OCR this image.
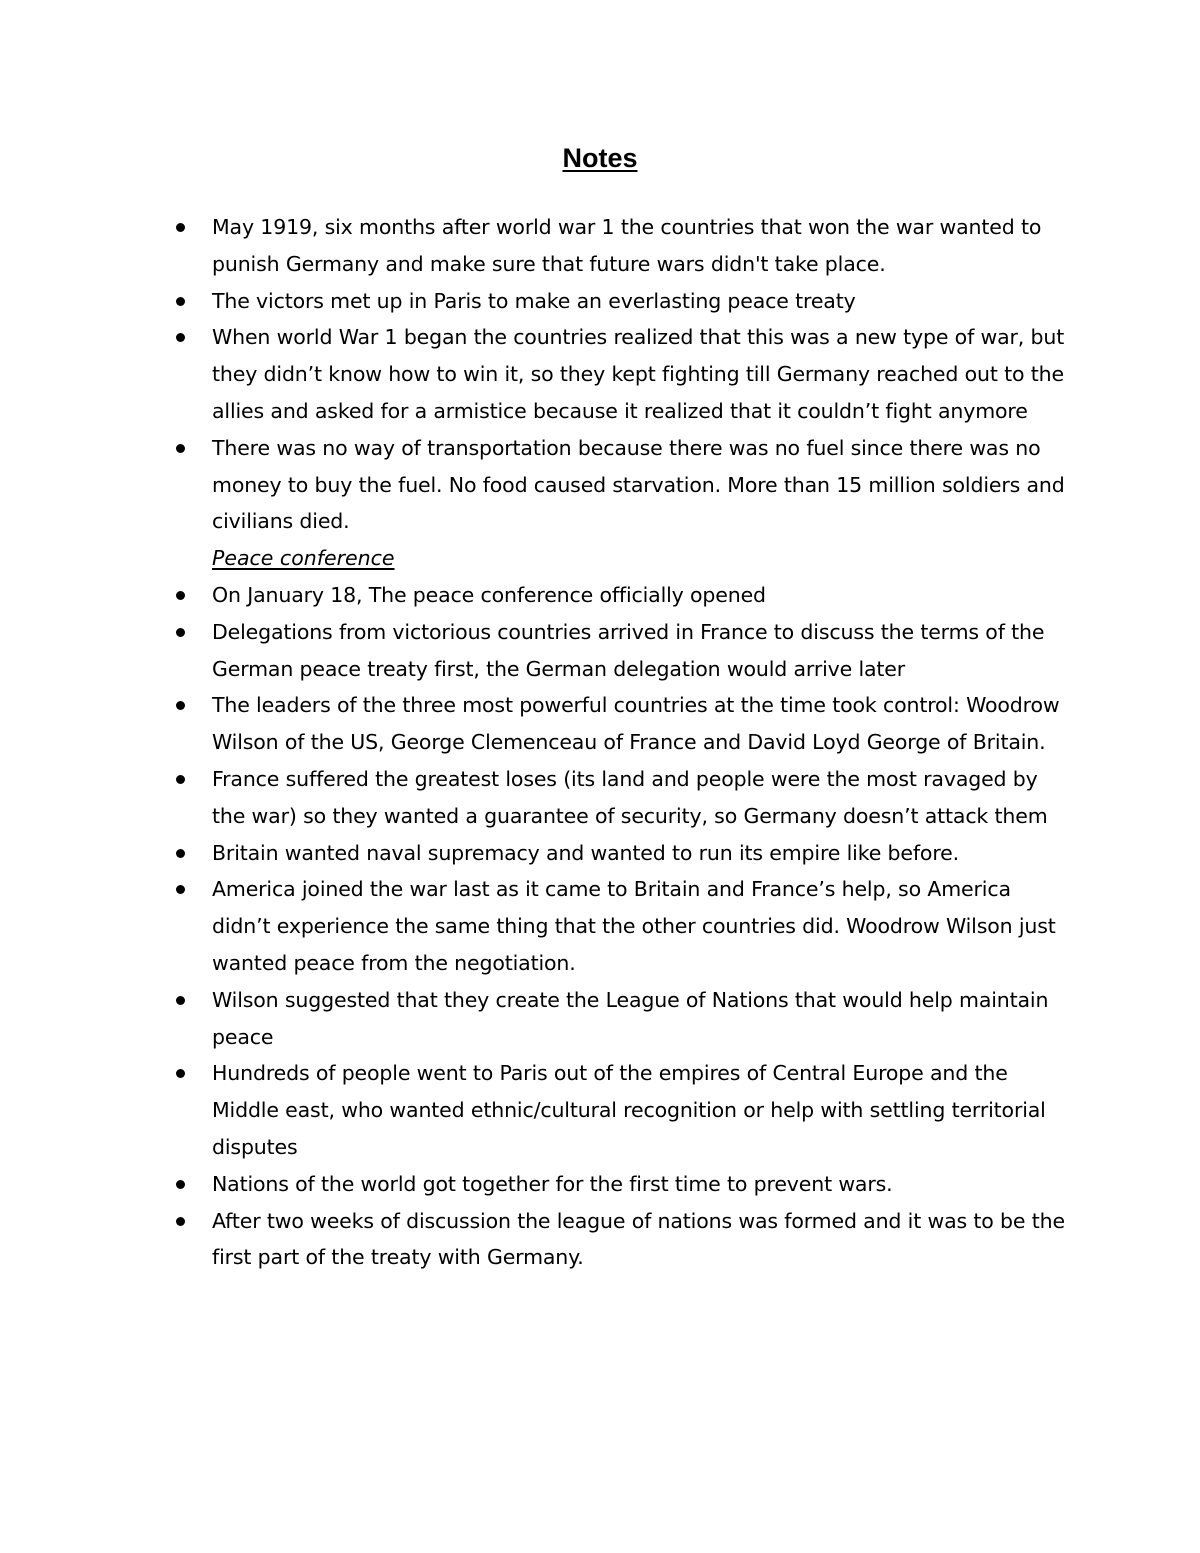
Notes
May 1919, six months after world war 1 the countries that won the war wanted to punish Germany and make sure that future wars didn't take place.
The victors met up in Paris to make an everlasting peace treaty
When world War 1 began the countries realized that this was a new type of war, but they didn’t know how to win it, so they kept fighting till Germany reached out to the allies and asked for a armistice because it realized that it couldn’t fight anymore
There was no way of transportation because there was no fuel since there was no money to buy the fuel. No food caused starvation. More than 15 million soldiers and civilians died.
Peace conference
On January 18, The peace conference officially opened
Delegations from victorious countries arrived in France to discuss the terms of the German peace treaty first, the German delegation would arrive later
The leaders of the three most powerful countries at the time took control: Woodrow Wilson of the US, George Clemenceau of France and David Loyd George of Britain.
France suffered the greatest loses (its land and people were the most ravaged by the war) so they wanted a guarantee of security, so Germany doesn’t attack them
Britain wanted naval supremacy and wanted to run its empire like before.
America joined the war last as it came to Britain and France’s help, so America didn’t experience the same thing that the other countries did. Woodrow Wilson just wanted peace from the negotiation.
Wilson suggested that they create the League of Nations that would help maintain peace
Hundreds of people went to Paris out of the empires of Central Europe and the Middle east, who wanted ethnic/cultural recognition or help with settling territorial disputes
Nations of the world got together for the first time to prevent wars.
After two weeks of discussion the league of nations was formed and it was to be the first part of the treaty with Germany.
